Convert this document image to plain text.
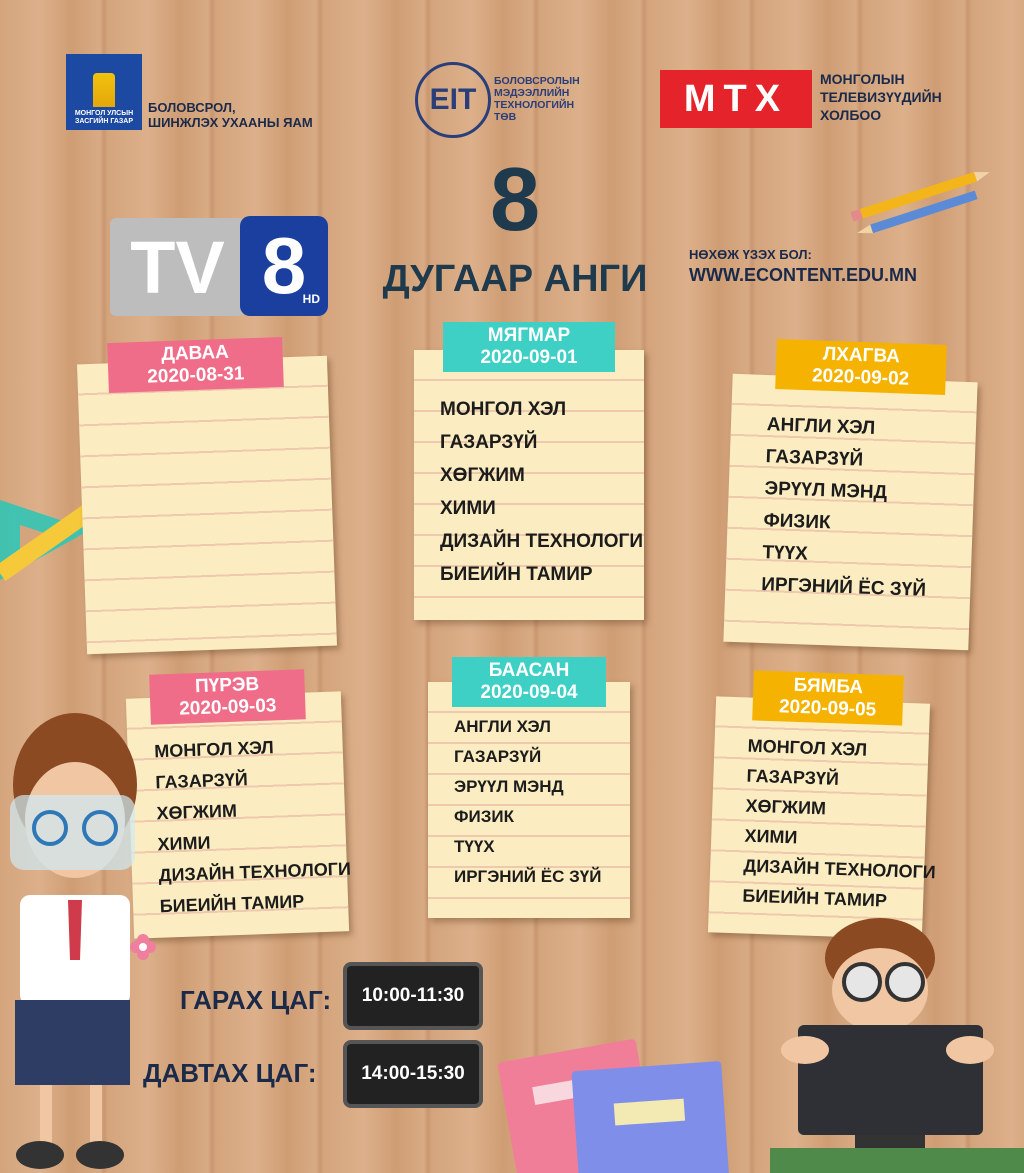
МОНГОЛ УЛСЫН ЗАСГИЙН ГАЗАР
БОЛОВСРОЛ,
ШИНЖЛЭХ УХААНЫ ЯАМ
EIT
БОЛОВСРОЛЫН
МЭДЭЭЛЛИЙН
ТЕХНОЛОГИЙН
ТӨВ	МТХ	МОНГОЛЫН
ТЕЛЕВИЗҮҮДИЙН
ХОЛБОО
TV 8
HD
8
ДУГААР АНГИ
НӨХӨЖ ҮЗЭХ БОЛ:
WWW.ECONTENT.EDU.MN
ДАВАА
2020-08-31
МЯГМАР
2020-09-01
МОНГОЛ ХЭЛ
ГАЗАРЗҮЙ
ХӨГЖИМ
ХИМИ
ДИЗАЙН ТЕХНОЛОГИ
БИЕИЙН ТАМИР
ЛХАГВА
2020-09-02
АНГЛИ ХЭЛ
ГАЗАРЗҮЙ
ЭРҮҮЛ МЭНД
ФИЗИК
ТҮҮХ
ИРГЭНИЙ ЁС ЗҮЙ
ПҮРЭВ
2020-09-03
МОНГОЛ ХЭЛ
ГАЗАРЗҮЙ
ХӨГЖИМ
ХИМИ
ДИЗАЙН ТЕХНОЛОГИ
БИЕИЙН ТАМИР
БААСАН
2020-09-04
АНГЛИ ХЭЛ
ГАЗАРЗҮЙ
ЭРҮҮЛ МЭНД
ФИЗИК
ТҮҮХ
ИРГЭНИЙ ЁС ЗҮЙ
БЯМБА
2020-09-05
МОНГОЛ ХЭЛ
ГАЗАРЗҮЙ
ХӨГЖИМ
ХИМИ
ДИЗАЙН ТЕХНОЛОГИ
БИЕИЙН ТАМИР
ГАРАХ ЦАГ:	10:00-11:30
ДАВТАХ ЦАГ:	14:00-15:30
